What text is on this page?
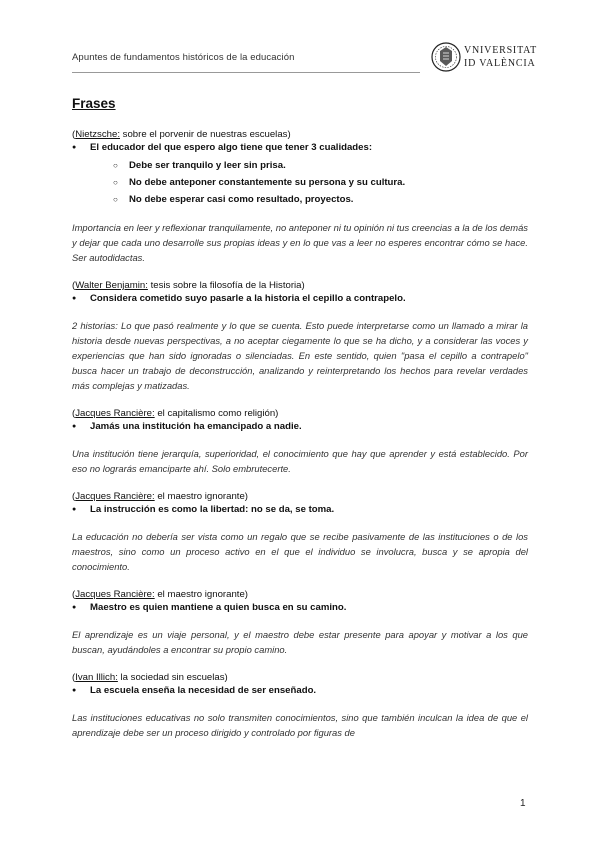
Apuntes de fundamentos históricos de la educación
VNIVERSITAT
ID VALÈNCIA
Frases
(Nietzsche: sobre el porvenir de nuestras escuelas)
● El educador del que espero algo tiene que tener 3 cualidades:
○ Debe ser tranquilo y leer sin prisa.
○ No debe anteponer constantemente su persona y su cultura.
○ No debe esperar casi como resultado, proyectos.

Importancia en leer y reflexionar tranquilamente, no anteponer ni tu opinión ni tus creencias a la de los demás y dejar que cada uno desarrolle sus propias ideas y en lo que vas a leer no esperes encontrar cómo se hace. Ser autodidactas.

(Walter Benjamin: tesis sobre la filosofía de la Historia)
● Considera cometido suyo pasarle a la historia el cepillo a contrapelo.

2 historias: Lo que pasó realmente y lo que se cuenta. Esto puede interpretarse como un llamado a mirar la historia desde nuevas perspectivas, a no aceptar ciegamente lo que se ha dicho, y a considerar las voces y experiencias que han sido ignoradas o silenciadas. En este sentido, quien "pasa el cepillo a contrapelo" busca hacer un trabajo de deconstrucción, analizando y reinterpretando los hechos para revelar verdades más complejas y matizadas.

(Jacques Rancière: el capitalismo como religión)
● Jamás una institución ha emancipado a nadie.

Una institución tiene jerarquía, superioridad, el conocimiento que hay que aprender y está establecido. Por eso no lograrás emanciparte ahí. Solo embrutecerte.

(Jacques Rancière: el maestro ignorante)
● La instrucción es como la libertad: no se da, se toma.

La educación no debería ser vista como un regalo que se recibe pasivamente de las instituciones o de los maestros, sino como un proceso activo en el que el individuo se involucra, busca y se apropia del conocimiento.

(Jacques Rancière: el maestro ignorante)
● Maestro es quien mantiene a quien busca en su camino.

El aprendizaje es un viaje personal, y el maestro debe estar presente para apoyar y motivar a los que buscan, ayudándoles a encontrar su propio camino.

(Ivan Illich: la sociedad sin escuelas)
● La escuela enseña la necesidad de ser enseñado.

Las instituciones educativas no solo transmiten conocimientos, sino que también inculcan la idea de que el aprendizaje debe ser un proceso dirigido y controlado por figuras de

1
